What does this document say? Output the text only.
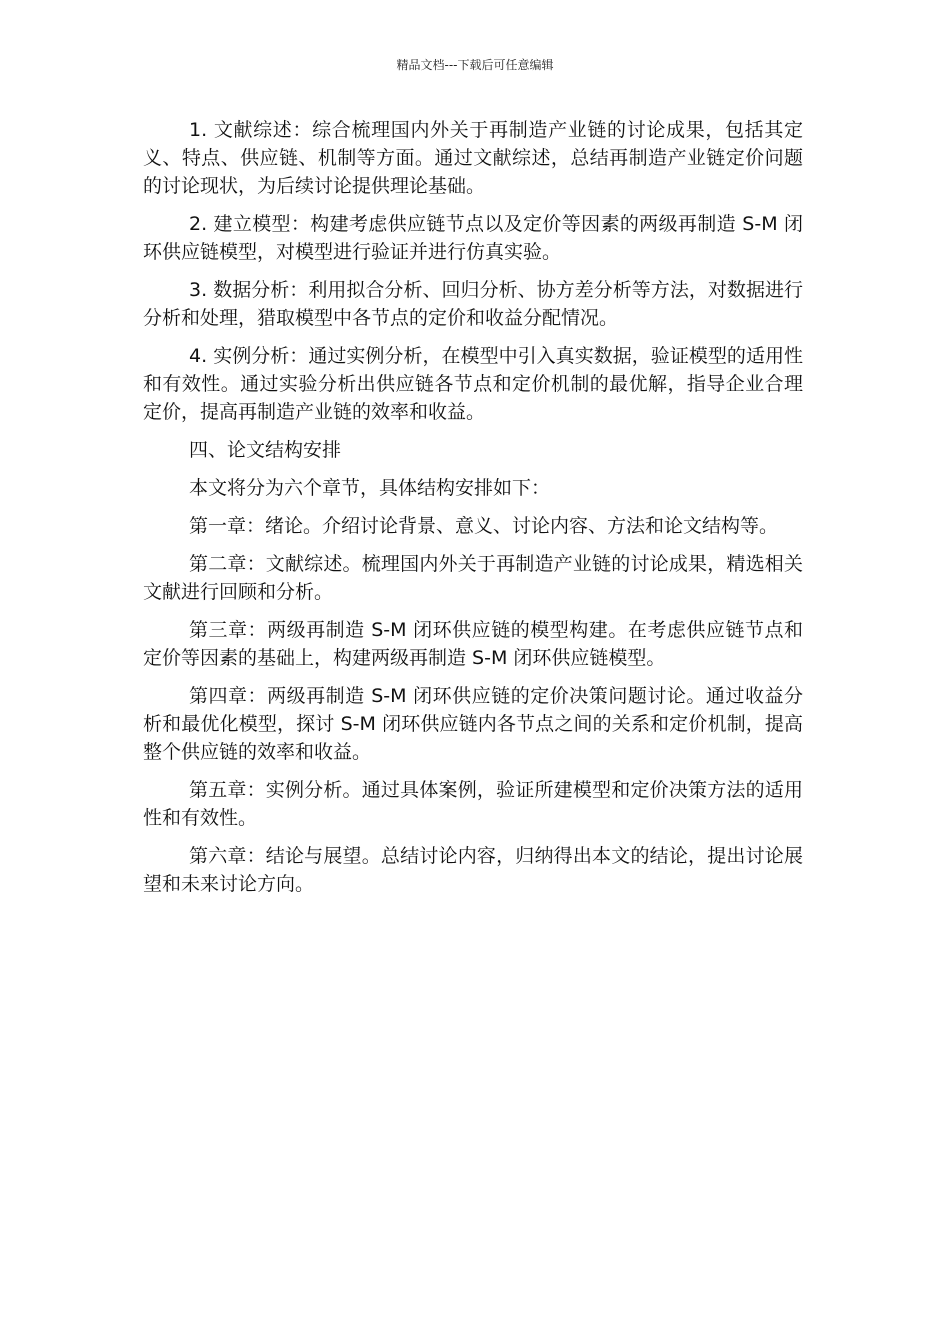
精品文档---下载后可任意编辑

1. 文献综述：综合梳理国内外关于再制造产业链的讨论成果，包括其定义、特点、供应链、机制等方面。通过文献综述，总结再制造产业链定价问题的讨论现状，为后续讨论提供理论基础。

2. 建立模型：构建考虑供应链节点以及定价等因素的两级再制造 S-M 闭环供应链模型，对模型进行验证并进行仿真实验。

3. 数据分析：利用拟合分析、回归分析、协方差分析等方法，对数据进行分析和处理，猎取模型中各节点的定价和收益分配情况。

4. 实例分析：通过实例分析，在模型中引入真实数据，验证模型的适用性和有效性。通过实验分析出供应链各节点和定价机制的最优解，指导企业合理定价，提高再制造产业链的效率和收益。

四、论文结构安排

本文将分为六个章节，具体结构安排如下：

第一章：绪论。介绍讨论背景、意义、讨论内容、方法和论文结构等。

第二章：文献综述。梳理国内外关于再制造产业链的讨论成果，精选相关文献进行回顾和分析。

第三章：两级再制造 S-M 闭环供应链的模型构建。在考虑供应链节点和定价等因素的基础上，构建两级再制造 S-M 闭环供应链模型。

第四章：两级再制造 S-M 闭环供应链的定价决策问题讨论。通过收益分析和最优化模型，探讨 S-M 闭环供应链内各节点之间的关系和定价机制，提高整个供应链的效率和收益。

第五章：实例分析。通过具体案例，验证所建模型和定价决策方法的适用性和有效性。

第六章：结论与展望。总结讨论内容，归纳得出本文的结论，提出讨论展望和未来讨论方向。
